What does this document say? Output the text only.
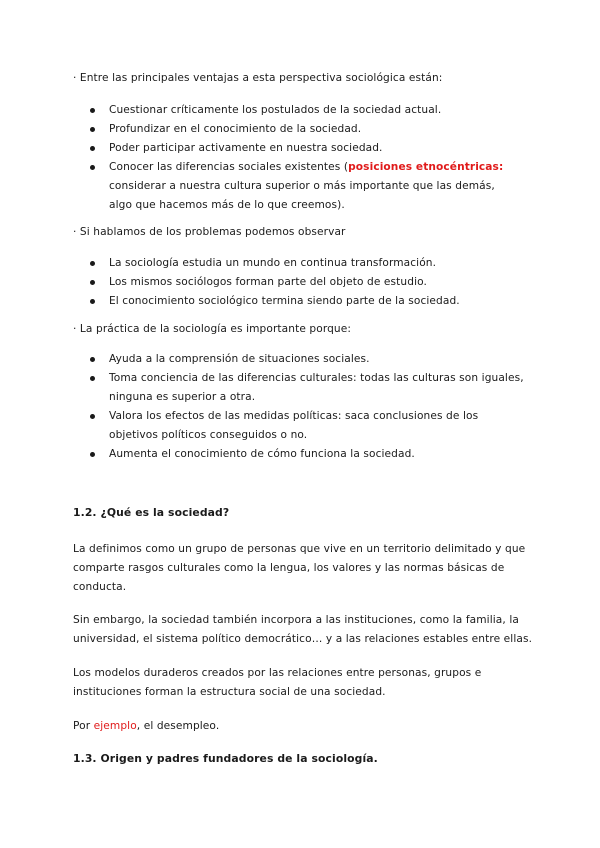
· Entre las principales ventajas a esta perspectiva sociológica están:

Cuestionar críticamente los postulados de la sociedad actual.
Profundizar en el conocimiento de la sociedad.
Poder participar activamente en nuestra sociedad.
Conocer las diferencias sociales existentes (posiciones etnocéntricas: considerar a nuestra cultura superior o más importante que las demás, algo que hacemos más de lo que creemos).

· Si hablamos de los problemas podemos observar

La sociología estudia un mundo en continua transformación.
Los mismos sociólogos forman parte del objeto de estudio.
El conocimiento sociológico termina siendo parte de la sociedad.

· La práctica de la sociología es importante porque:

Ayuda a la comprensión de situaciones sociales.
Toma conciencia de las diferencias culturales: todas las culturas son iguales, ninguna es superior a otra.
Valora los efectos de las medidas políticas: saca conclusiones de los objetivos políticos conseguidos o no.
Aumenta el conocimiento de cómo funciona la sociedad.

1.2. ¿Qué es la sociedad?

La definimos como un grupo de personas que vive en un territorio delimitado y que comparte rasgos culturales como la lengua, los valores y las normas básicas de conducta.

Sin embargo, la sociedad también incorpora a las instituciones, como la familia, la universidad, el sistema político democrático… y a las relaciones estables entre ellas.

Los modelos duraderos creados por las relaciones entre personas, grupos e instituciones forman la estructura social de una sociedad.

Por ejemplo, el desempleo.

1.3. Origen y padres fundadores de la sociología.
